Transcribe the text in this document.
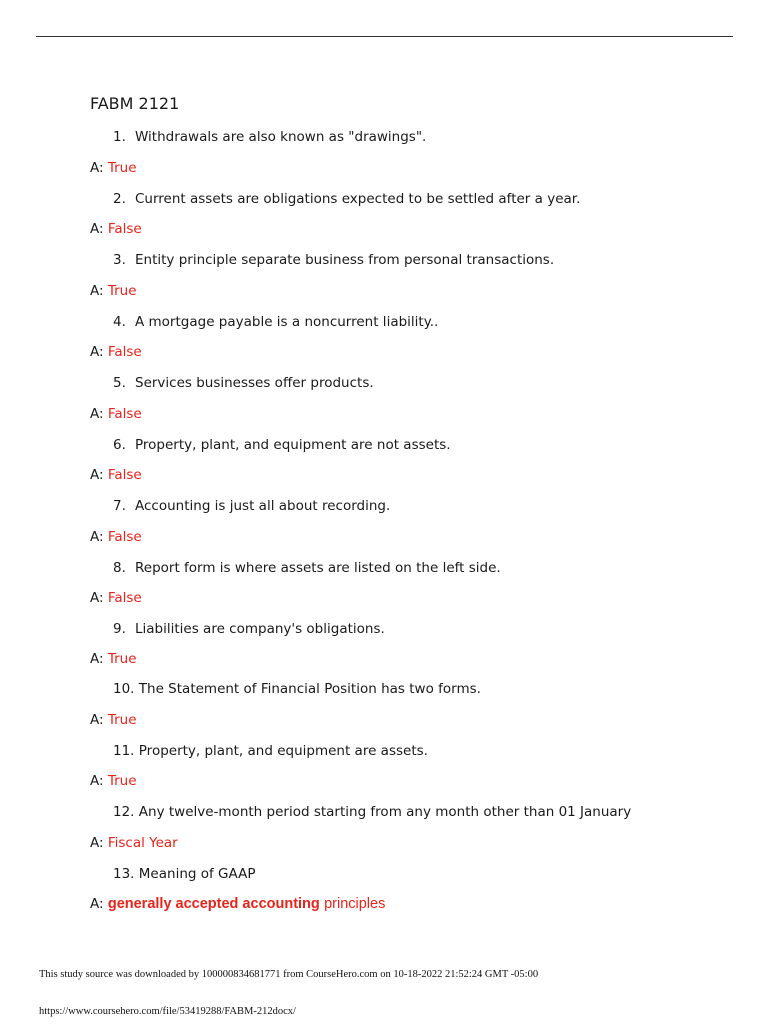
FABM 2121
1. Withdrawals are also known as "drawings".
A: True
2. Current assets are obligations expected to be settled after a year.
A: False
3. Entity principle separate business from personal transactions.
A: True
4. A mortgage payable is a noncurrent liability..
A: False
5. Services businesses offer products.
A: False
6. Property, plant, and equipment are not assets.
A: False
7. Accounting is just all about recording.
A: False
8. Report form is where assets are listed on the left side.
A: False
9. Liabilities are company's obligations.
A: True
10. The Statement of Financial Position has two forms.
A: True
11. Property, plant, and equipment are assets.
A: True
12. Any twelve-month period starting from any month other than 01 January
A: Fiscal Year
13. Meaning of GAAP
A: generally accepted accounting principles
This study source was downloaded by 100000834681771 from CourseHero.com on 10-18-2022 21:52:24 GMT -05:00
https://www.coursehero.com/file/53419288/FABM-212docx/
